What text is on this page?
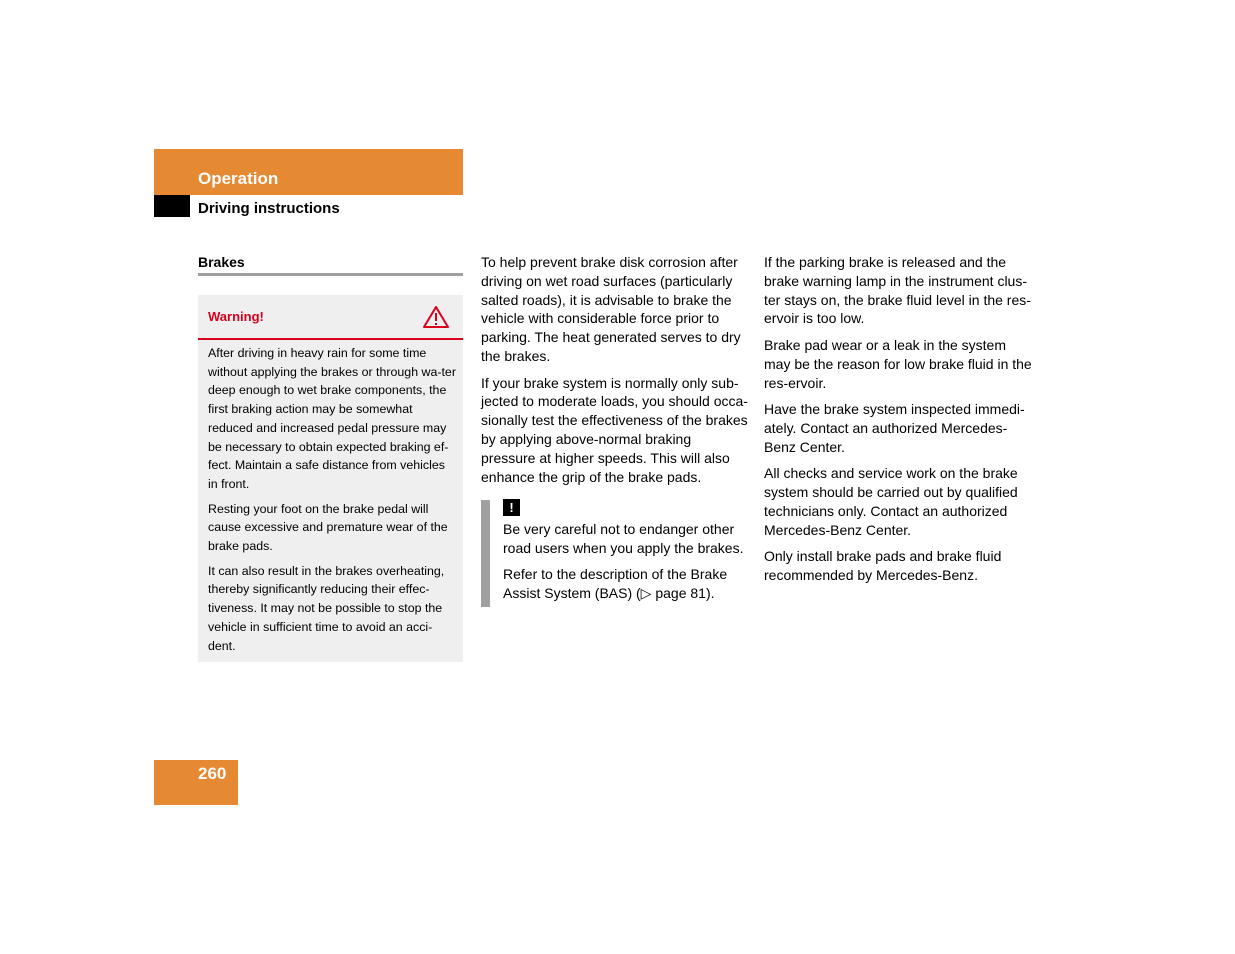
Operation
Driving instructions
Brakes
Warning!

After driving in heavy rain for some time without applying the brakes or through wa-ter deep enough to wet brake components, the first braking action may be somewhat reduced and increased pedal pressure may be necessary to obtain expected braking ef-fect. Maintain a safe distance from vehicles in front.

Resting your foot on the brake pedal will cause excessive and premature wear of the brake pads.

It can also result in the brakes overheating, thereby significantly reducing their effec-tiveness. It may not be possible to stop the vehicle in sufficient time to avoid an acci-dent.

To help prevent brake disk corrosion after driving on wet road surfaces (particularly salted roads), it is advisable to brake the vehicle with considerable force prior to parking. The heat generated serves to dry the brakes.

If your brake system is normally only sub-jected to moderate loads, you should occa-sionally test the effectiveness of the brakes by applying above-normal braking pressure at higher speeds. This will also enhance the grip of the brake pads.

!

Be very careful not to endanger other road users when you apply the brakes.

Refer to the description of the Brake Assist System (BAS) (▷ page 81).

If the parking brake is released and the brake warning lamp in the instrument clus-ter stays on, the brake fluid level in the res-ervoir is too low.

Brake pad wear or a leak in the system may be the reason for low brake fluid in the res-ervoir.

Have the brake system inspected immedi-ately. Contact an authorized Mercedes-Benz Center.

All checks and service work on the brake system should be carried out by qualified technicians only. Contact an authorized Mercedes-Benz Center.

Only install brake pads and brake fluid recommended by Mercedes-Benz.

260
